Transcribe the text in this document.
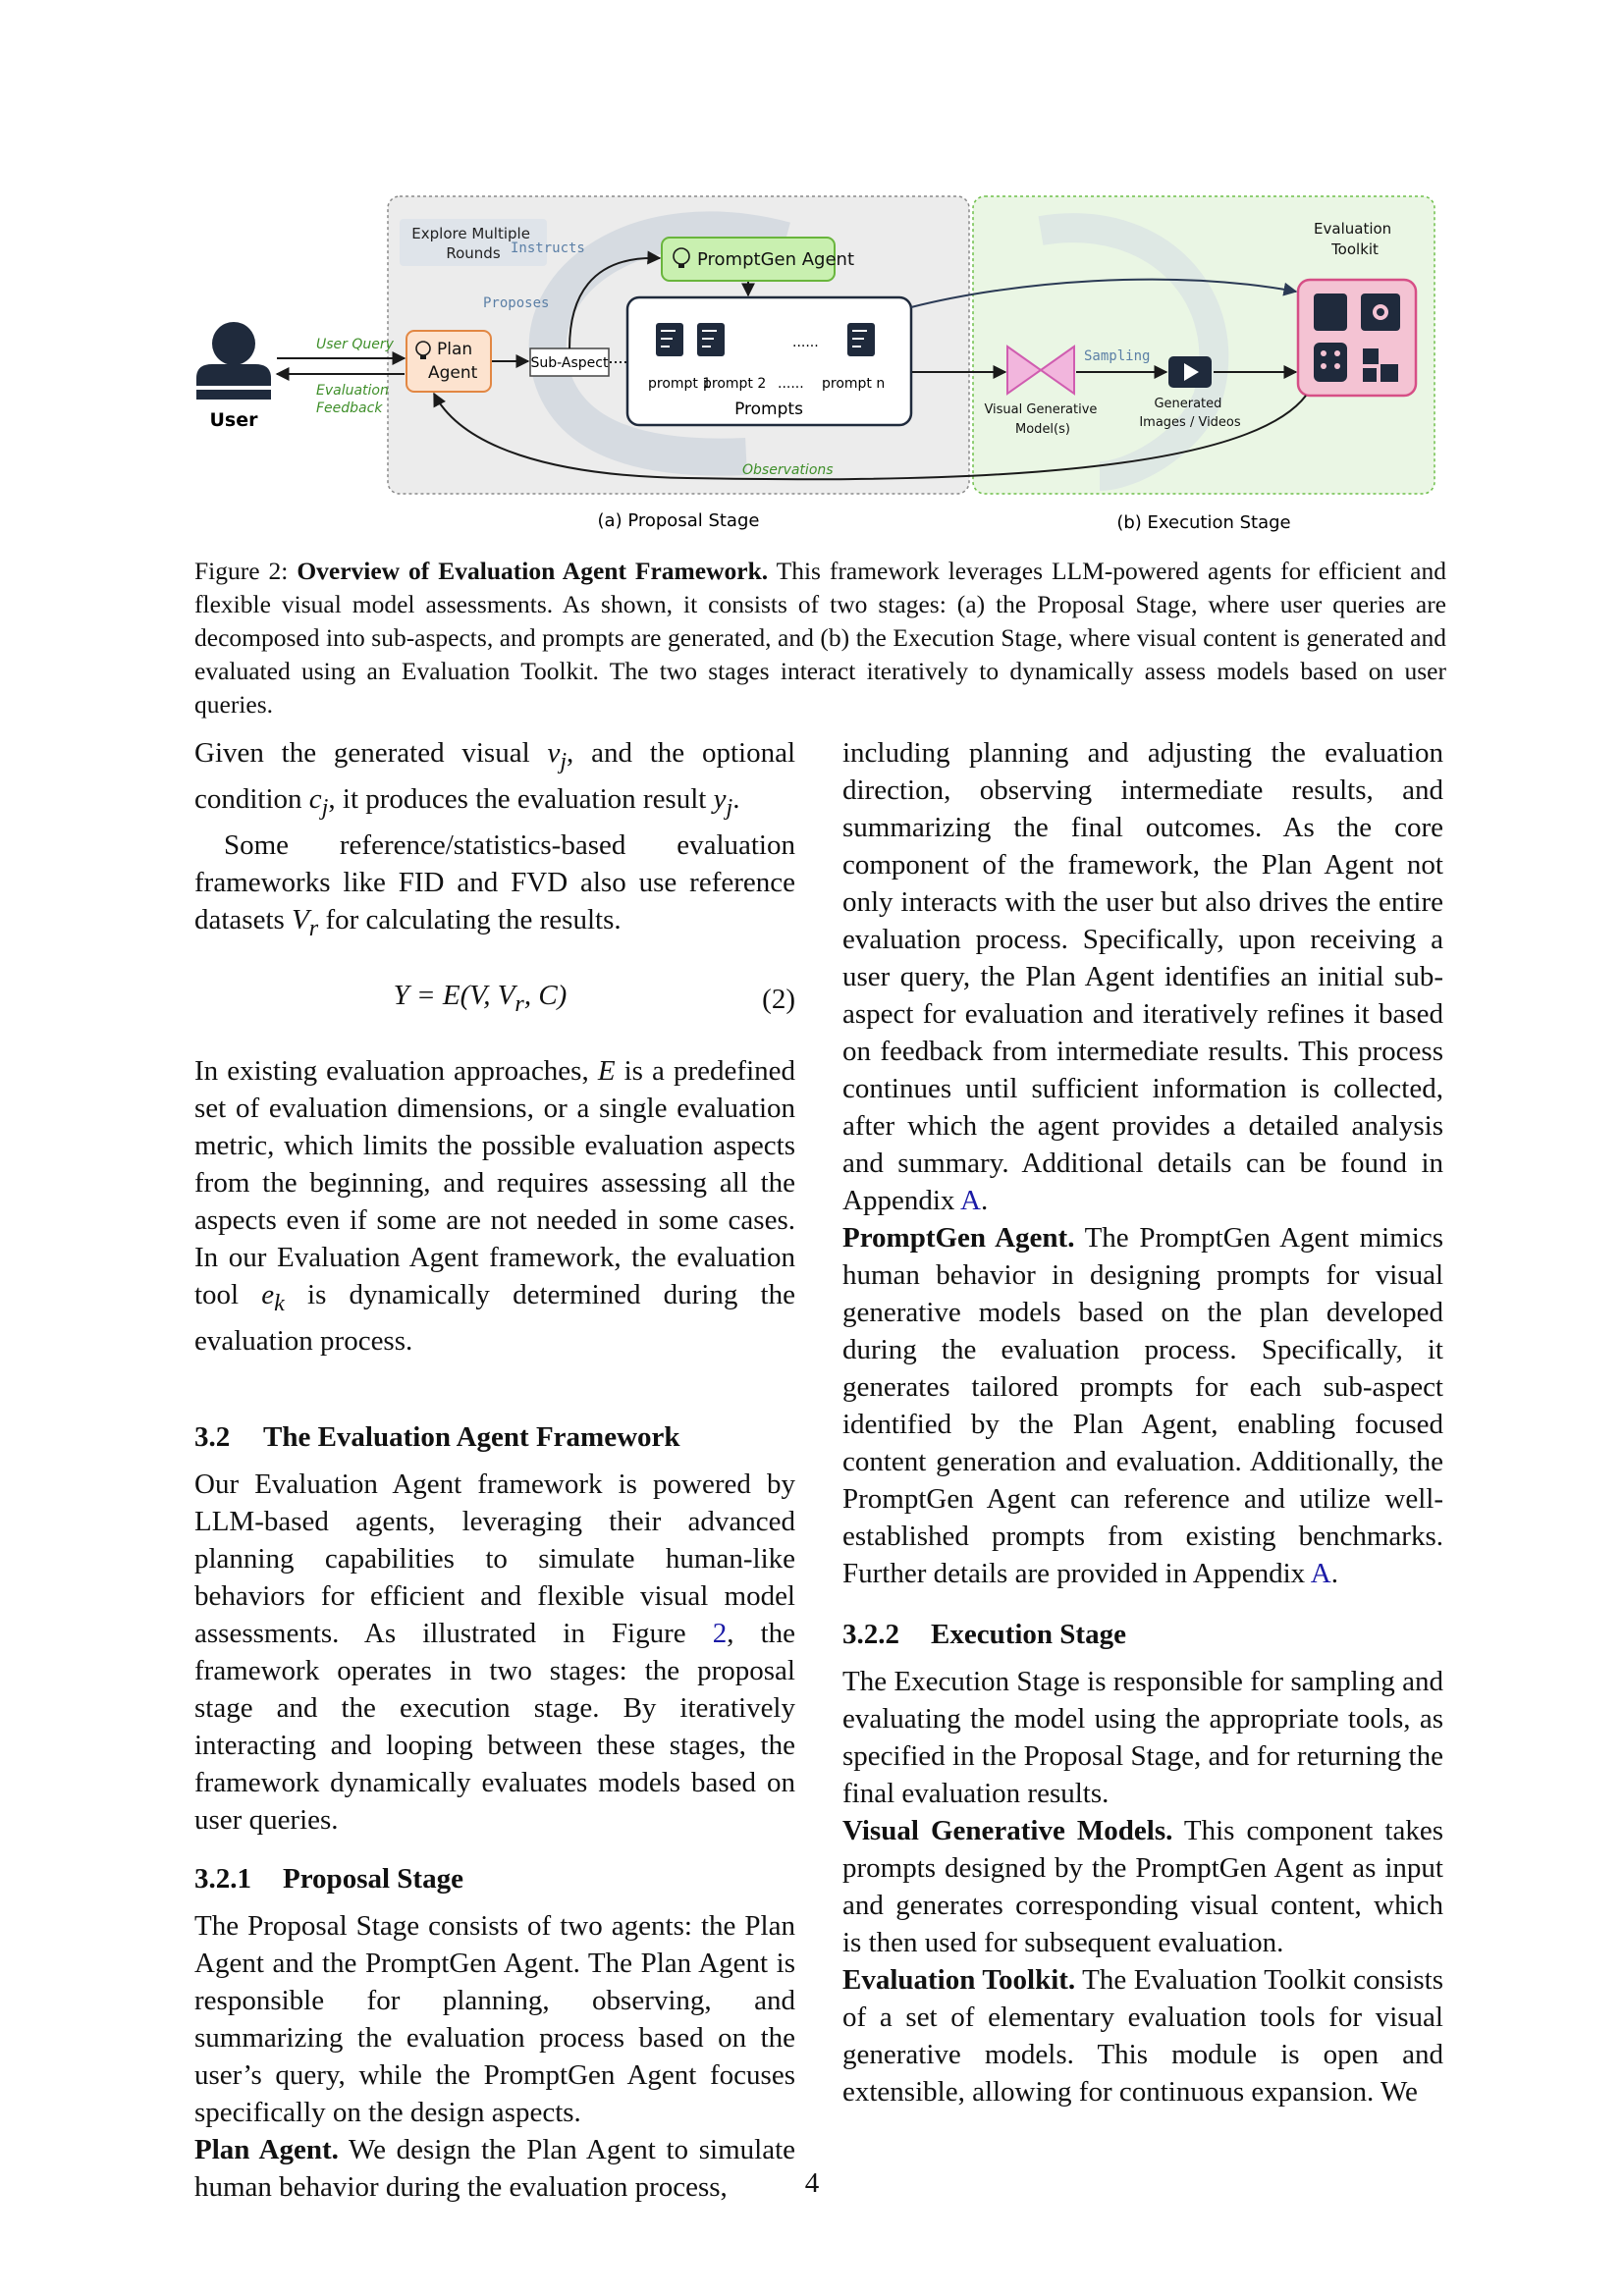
Explore Multiple Rounds
User
User Query
Evaluation Feedback
Plan Agent
Proposes
Sub-Aspect
Instructs
PromptGen Agent
prompt 1
prompt 2
......
...... prompt n
Prompts	Visual Generative Model(s)
Sampling
Generated Images / Videos
Evaluation Toolkit
Observations
(a) Proposal Stage	(b) Execution Stage
Figure 2: Overview of Evaluation Agent Framework. This framework leverages LLM-powered agents for efficient and flexible visual model assessments. As shown, it consists of two stages: (a) the Proposal Stage, where user queries are decomposed into sub-aspects, and prompts are generated, and (b) the Execution Stage, where visual content is generated and evaluated using an Evaluation Toolkit. The two stages interact iteratively to dynamically assess models based on user queries.

Given the generated visual $v_j$, and the optional condition $c_j$, it produces the evaluation result $y_j$.

Some reference/statistics-based evaluation frameworks like FID and FVD also use reference datasets $V_r$ for calculating the results.

Y = E(V, $V_r$, C)	(2)

In existing evaluation approaches, E is a predefined set of evaluation dimensions, or a single evaluation metric, which limits the possible evaluation aspects from the beginning, and requires assessing all the aspects even if some are not needed in some cases. In our Evaluation Agent framework, the evaluation tool $e_k$ is dynamically determined during the evaluation process.

3.2 The Evaluation Agent Framework

Our Evaluation Agent framework is powered by LLM-based agents, leveraging their advanced planning capabilities to simulate human-like behaviors for efficient and flexible visual model assessments. As illustrated in Figure 2, the framework operates in two stages: the proposal stage and the execution stage. By iteratively interacting and looping between these stages, the framework dynamically evaluates models based on user queries.

3.2.1 Proposal Stage

The Proposal Stage consists of two agents: the Plan Agent and the PromptGen Agent. The Plan Agent is responsible for planning, observing, and summarizing the evaluation process based on the user’s query, while the PromptGen Agent focuses specifically on the design aspects.

Plan Agent. We design the Plan Agent to simulate human behavior during the evaluation process,

including planning and adjusting the evaluation direction, observing intermediate results, and summarizing the final outcomes. As the core component of the framework, the Plan Agent not only interacts with the user but also drives the entire evaluation process. Specifically, upon receiving a user query, the Plan Agent identifies an initial sub-aspect for evaluation and iteratively refines it based on feedback from intermediate results. This process continues until sufficient information is collected, after which the agent provides a detailed analysis and summary. Additional details can be found in Appendix A.

PromptGen Agent. The PromptGen Agent mimics human behavior in designing prompts for visual generative models based on the plan developed during the evaluation process. Specifically, it generates tailored prompts for each sub-aspect identified by the Plan Agent, enabling focused content generation and evaluation. Additionally, the PromptGen Agent can reference and utilize well-established prompts from existing benchmarks. Further details are provided in Appendix A.

3.2.2 Execution Stage

The Execution Stage is responsible for sampling and evaluating the model using the appropriate tools, as specified in the Proposal Stage, and for returning the final evaluation results.

Visual Generative Models. This component takes prompts designed by the PromptGen Agent as input and generates corresponding visual content, which is then used for subsequent evaluation.

Evaluation Toolkit. The Evaluation Toolkit consists of a set of elementary evaluation tools for visual generative models. This module is open and extensible, allowing for continuous expansion. We

4
